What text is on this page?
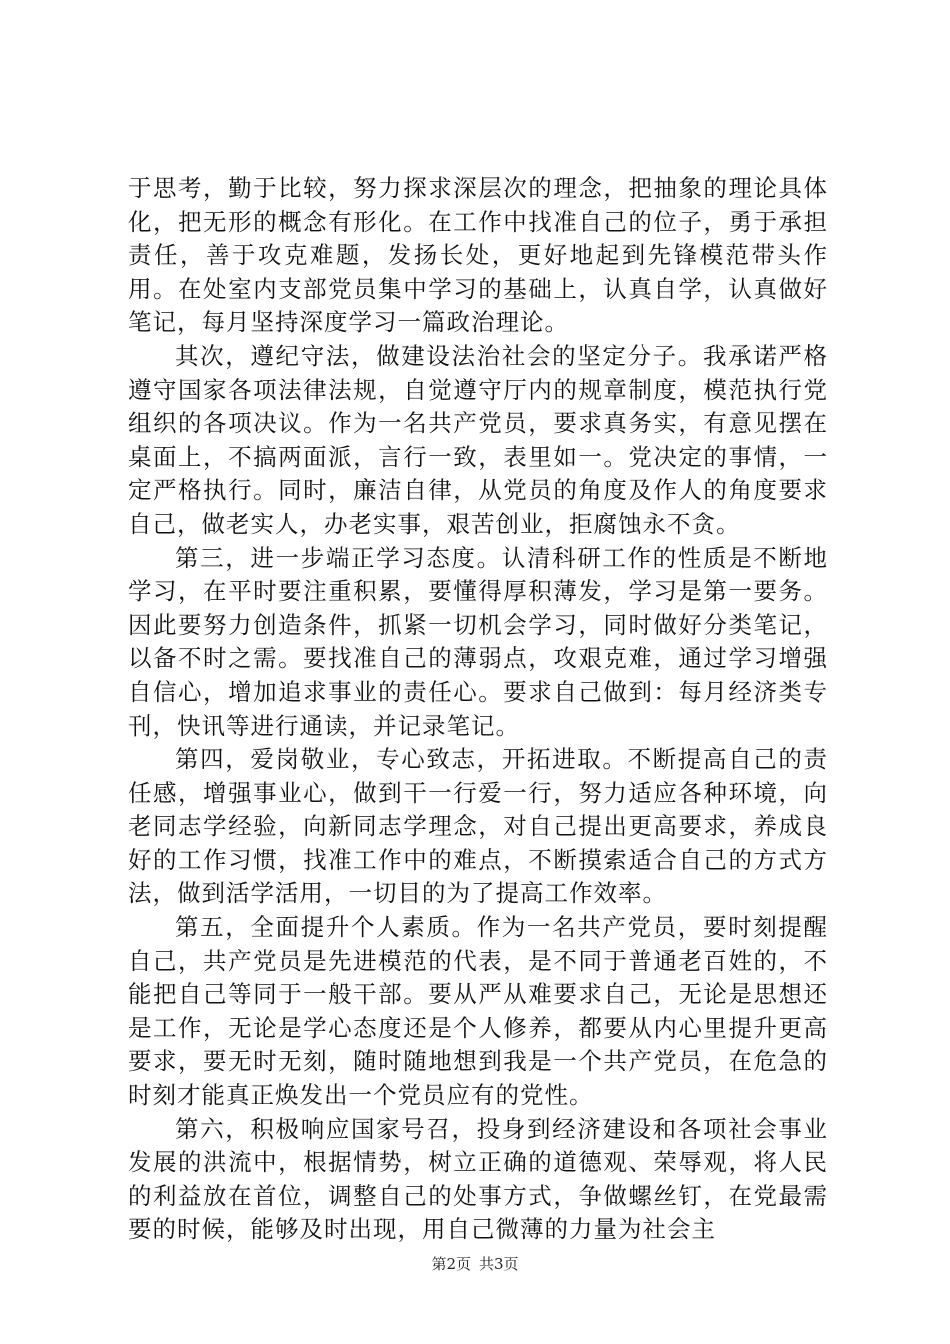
于思考，勤于比较，努力探求深层次的理念，把抽象的理论具体化，把无形的概念有形化。在工作中找准自己的位子，勇于承担责任，善于攻克难题，发扬长处，更好地起到先锋模范带头作用。在处室内支部党员集中学习的基础上，认真自学，认真做好笔记，每月坚持深度学习一篇政治理论。

其次，遵纪守法，做建设法治社会的坚定分子。我承诺严格遵守国家各项法律法规，自觉遵守厅内的规章制度，模范执行党组织的各项决议。作为一名共产党员，要求真务实，有意见摆在桌面上，不搞两面派，言行一致，表里如一。党决定的事情，一定严格执行。同时，廉洁自律，从党员的角度及作人的角度要求自己，做老实人，办老实事，艰苦创业，拒腐蚀永不贪。

第三，进一步端正学习态度。认清科研工作的性质是不断地学习，在平时要注重积累，要懂得厚积薄发，学习是第一要务。因此要努力创造条件，抓紧一切机会学习，同时做好分类笔记，以备不时之需。要找准自己的薄弱点，攻艰克难，通过学习增强自信心，增加追求事业的责任心。要求自己做到：每月经济类专刊，快讯等进行通读，并记录笔记。

第四，爱岗敬业，专心致志，开拓进取。不断提高自己的责任感，增强事业心，做到干一行爱一行，努力适应各种环境，向老同志学经验，向新同志学理念，对自己提出更高要求，养成良好的工作习惯，找准工作中的难点，不断摸索适合自己的方式方法，做到活学活用，一切目的为了提高工作效率。

第五，全面提升个人素质。作为一名共产党员，要时刻提醒自己，共产党员是先进模范的代表，是不同于普通老百姓的，不能把自己等同于一般干部。要从严从难要求自己，无论是思想还是工作，无论是学心态度还是个人修养，都要从内心里提升更高要求，要无时无刻，随时随地想到我是一个共产党员，在危急的时刻才能真正焕发出一个党员应有的党性。

第六，积极响应国家号召，投身到经济建设和各项社会事业发展的洪流中，根据情势，树立正确的道德观、荣辱观，将人民的利益放在首位，调整自己的处事方式，争做螺丝钉，在党最需要的时候，能够及时出现，用自己微薄的力量为社会主

第2页 共3页
